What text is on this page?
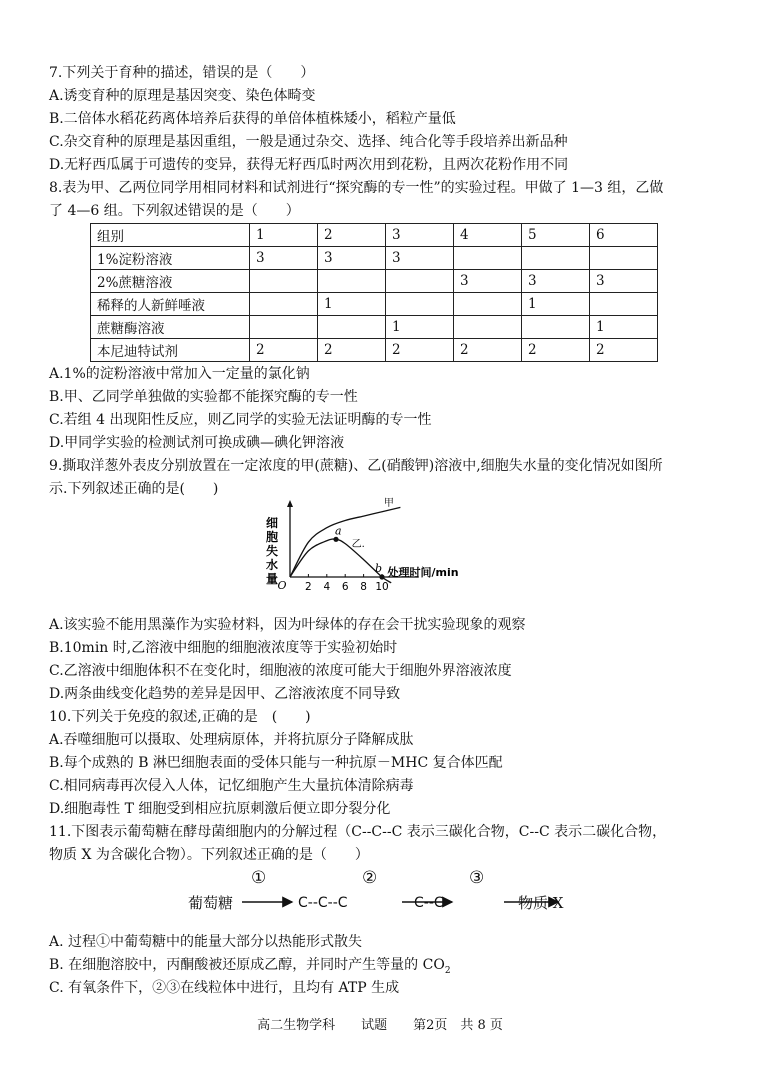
7.下列关于育种的描述，错误的是（　　）
A.诱变育种的原理是基因突变、染色体畸变
B.二倍体水稻花药离体培养后获得的单倍体植株矮小，稻粒产量低
C.杂交育种的原理是基因重组，一般是通过杂交、选择、纯合化等手段培养出新品种
D.无籽西瓜属于可遗传的变异，获得无籽西瓜时两次用到花粉，且两次花粉作用不同
8.表为甲、乙两位同学用相同材料和试剂进行“探究酶的专一性”的实验过程。甲做了 1—3 组，乙做
了 4—6 组。下列叙述错误的是（　　）
组别	1	2	3	4	5	6
1%淀粉溶液	3	3	3			
2%蔗糖溶液				3	3	3
稀释的人新鲜唾液		1			1	
蔗糖酶溶液			1			1
本尼迪特试剂	2	2	2	2	2	2
A.1%的淀粉溶液中常加入一定量的氯化钠
B.甲、乙同学单独做的实验都不能探究酶的专一性
C.若组 4 出现阳性反应，则乙同学的实验无法证明酶的专一性
D.甲同学实验的检测试剂可换成碘—碘化钾溶液
9.撕取洋葱外表皮分别放置在一定浓度的甲(蔗糖)、乙(硝酸钾)溶液中,细胞失水量的变化情况如图所
示.下列叙述正确的是(　　)
细
胞
失
水
量 O 2 4 6 8 10
处理时间/min
甲
乙.
a
b
A.该实验不能用黑藻作为实验材料，因为叶绿体的存在会干扰实验现象的观察
B.10min 时,乙溶液中细胞的细胞液浓度等于实验初始时
C.乙溶液中细胞体积不在变化时，细胞液的浓度可能大于细胞外界溶液浓度
D.两条曲线变化趋势的差异是因甲、乙溶液浓度不同导致
10.下列关于免疫的叙述,正确的是　(　　)
A.吞噬细胞可以摄取、处理病原体，并将抗原分子降解成肽
B.每个成熟的 B 淋巴细胞表面的受体只能与一种抗原－MHC 复合体匹配
C.相同病毒再次侵入人体，记忆细胞产生大量抗体清除病毒
D.细胞毒性 T 细胞受到相应抗原刺激后便立即分裂分化
11.下图表示葡萄糖在酵母菌细胞内的分解过程（C--C--C 表示三碳化合物，C--C 表示二碳化合物，
物质 X 为含碳化合物）。下列叙述正确的是（　　）
葡萄糖
①
C--C--C
②
C--C
③
物质 X
A. 过程①中葡萄糖中的能量大部分以热能形式散失
B. 在细胞溶胶中，丙酮酸被还原成乙醇，并同时产生等量的 $CO_2$
C. 有氧条件下，②③在线粒体中进行，且均有 ATP 生成
高二生物学科　　试题　　第2页　共 8 页
